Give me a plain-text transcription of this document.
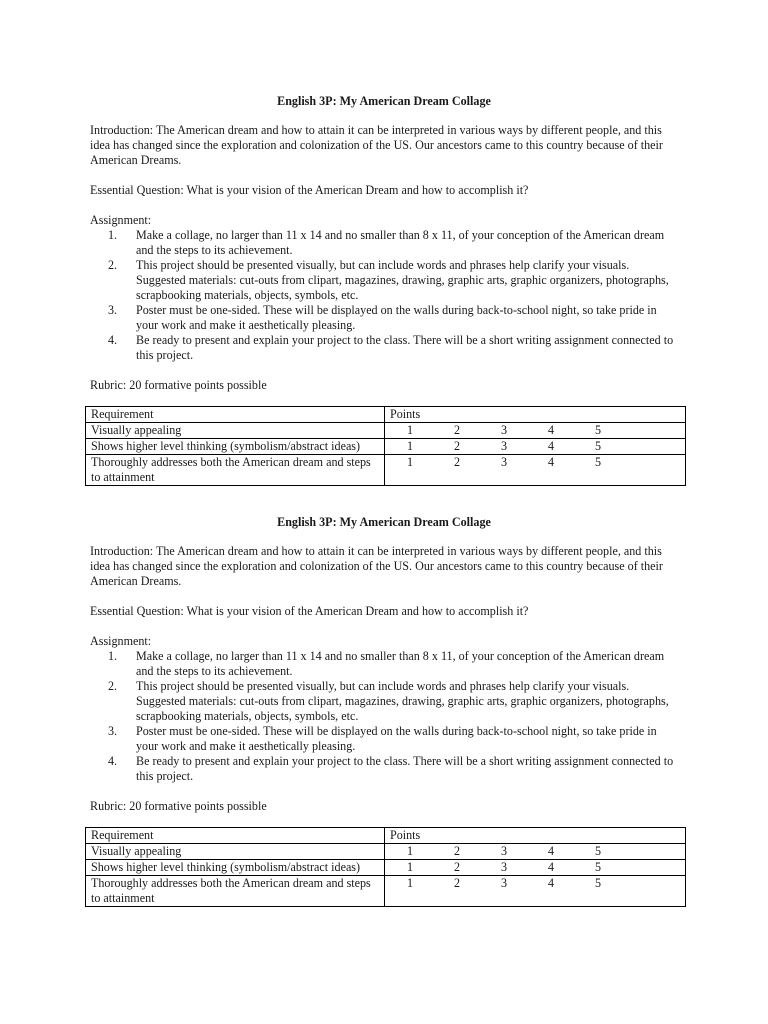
English 3P: My American Dream Collage

Introduction: The American dream and how to attain it can be interpreted in various ways by different people, and this idea has changed since the exploration and colonization of the US. Our ancestors came to this country because of their American Dreams.

Essential Question: What is your vision of the American Dream and how to accomplish it?

Assignment:

1. Make a collage, no larger than 11 x 14 and no smaller than 8 x 11, of your conception of the American dream and the steps to its achievement.
2. This project should be presented visually, but can include words and phrases help clarify your visuals. Suggested materials: cut-outs from clipart, magazines, drawing, graphic arts, graphic organizers, photographs, scrapbooking materials, objects, symbols, etc.
3. Poster must be one-sided. These will be displayed on the walls during back-to-school night, so take pride in your work and make it aesthetically pleasing.
4. Be ready to present and explain your project to the class. There will be a short writing assignment connected to this project.

Rubric: 20 formative points possible

Requirement	Points
Visually appealing	1 2 3 4 5

Shows higher level thinking (symbolism/abstract ideas)	1 2 3 4 5

Thoroughly addresses both the American dream and steps to attainment	1 2 3 4 5

English 3P: My American Dream Collage

Introduction: The American dream and how to attain it can be interpreted in various ways by different people, and this idea has changed since the exploration and colonization of the US. Our ancestors came to this country because of their American Dreams.

Essential Question: What is your vision of the American Dream and how to accomplish it?

Assignment:

1. Make a collage, no larger than 11 x 14 and no smaller than 8 x 11, of your conception of the American dream and the steps to its achievement.
2. This project should be presented visually, but can include words and phrases help clarify your visuals. Suggested materials: cut-outs from clipart, magazines, drawing, graphic arts, graphic organizers, photographs, scrapbooking materials, objects, symbols, etc.
3. Poster must be one-sided. These will be displayed on the walls during back-to-school night, so take pride in your work and make it aesthetically pleasing.
4. Be ready to present and explain your project to the class. There will be a short writing assignment connected to this project.

Rubric: 20 formative points possible

Requirement	Points
Visually appealing	1 2 3 4 5

Shows higher level thinking (symbolism/abstract ideas)	1 2 3 4 5

Thoroughly addresses both the American dream and steps to attainment	1 2 3 4 5
